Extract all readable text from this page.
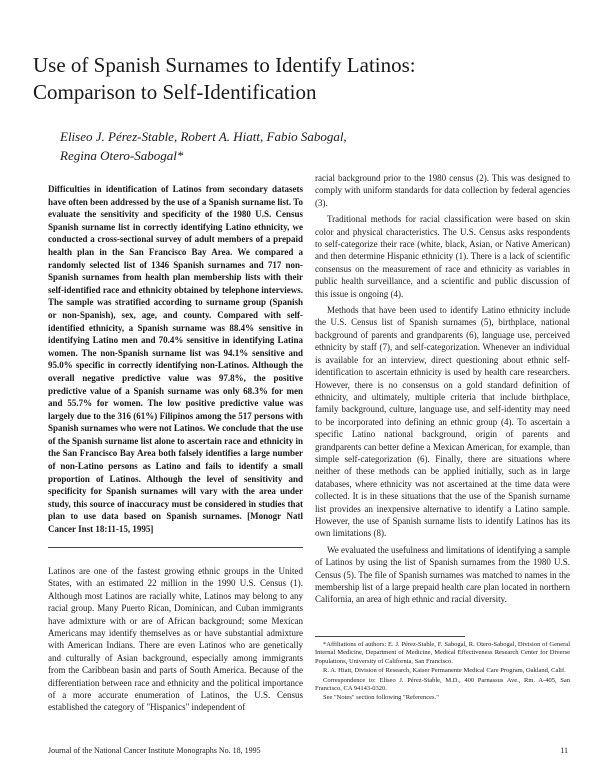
Use of Spanish Surnames to Identify Latinos:
Comparison to Self-Identification
Eliseo J. Pérez-Stable, Robert A. Hiatt, Fabio Sabogal,
Regina Otero-Sabogal*

Difficulties in identification of Latinos from secondary datasets have often been addressed by the use of a Spanish surname list. To evaluate the sensitivity and specificity of the 1980 U.S. Census Spanish surname list in correctly identifying Latino ethnicity, we conducted a cross-sectional survey of adult members of a prepaid health plan in the San Francisco Bay Area. We compared a randomly selected list of 1346 Spanish surnames and 717 non-Spanish surnames from health plan membership lists with their self-identified race and ethnicity obtained by telephone interviews. The sample was stratified according to surname group (Spanish or non-Spanish), sex, age, and county. Compared with self-identified ethnicity, a Spanish surname was 88.4% sensitive in identifying Latino men and 70.4% sensitive in identifying Latina women. The non-Spanish surname list was 94.1% sensitive and 95.0% specific in correctly identifying non-Latinos. Although the overall negative predictive value was 97.8%, the positive predictive value of a Spanish surname was only 68.3% for men and 55.7% for women. The low positive predictive value was largely due to the 316 (61%) Filipinos among the 517 persons with Spanish surnames who were not Latinos. We conclude that the use of the Spanish surname list alone to ascertain race and ethnicity in the San Francisco Bay Area both falsely identifies a large number of non-Latino persons as Latino and fails to identify a small proportion of Latinos. Although the level of sensitivity and specificity for Spanish surnames will vary with the area under study, this source of inaccuracy must be considered in studies that plan to use data based on Spanish surnames. [Monogr Natl Cancer Inst 18:11-15, 1995]

Latinos are one of the fastest growing ethnic groups in the United States, with an estimated 22 million in the 1990 U.S. Census (1). Although most Latinos are racially white, Latinos may belong to any racial group. Many Puerto Rican, Dominican, and Cuban immigrants have admixture with or are of African background; some Mexican Americans may identify themselves as or have substantial admixture with American Indians. There are even Latinos who are genetically and culturally of Asian background, especially among immigrants from the Caribbean basin and parts of South America. Because of the differentiation between race and ethnicity and the political importance of a more accurate enumeration of Latinos, the U.S. Census established the category of "Hispanics" independent of

racial background prior to the 1980 census (2). This was designed to comply with uniform standards for data collection by federal agencies (3).

Traditional methods for racial classification were based on skin color and physical characteristics. The U.S. Census asks respondents to self-categorize their race (white, black, Asian, or Native American) and then determine Hispanic ethnicity (1). There is a lack of scientific consensus on the measurement of race and ethnicity as variables in public health surveillance, and a scientific and public discussion of this issue is ongoing (4).

Methods that have been used to identify Latino ethnicity include the U.S. Census list of Spanish surnames (5), birthplace, national background of parents and grandparents (6), language use, perceived ethnicity by staff (7), and self-categorization. Whenever an individual is available for an interview, direct questioning about ethnic self-identification to ascertain ethnicity is used by health care researchers. However, there is no consensus on a gold standard definition of ethnicity, and ultimately, multiple criteria that include birthplace, family background, culture, language use, and self-identity may need to be incorporated into defining an ethnic group (4). To ascertain a specific Latino national background, origin of parents and grandparents can better define a Mexican American, for example, than simple self-categorization (6). Finally, there are situations where neither of these methods can be applied initially, such as in large databases, where ethnicity was not ascertained at the time data were collected. It is in these situations that the use of the Spanish surname list provides an inexpensive alternative to identify a Latino sample. However, the use of Spanish surname lists to identify Latinos has its own limitations (8).

We evaluated the usefulness and limitations of identifying a sample of Latinos by using the list of Spanish surnames from the 1980 U.S. Census (5). The file of Spanish surnames was matched to names in the membership list of a large prepaid health care plan located in northern California, an area of high ethnic and racial diversity.

*Affiliations of authors: E. J. Pérez-Stable, F. Sabogal, R. Otero-Sabogal, Division of General Internal Medicine, Department of Medicine, Medical Effectiveness Research Center for Diverse Populations, University of California, San Francisco.

R. A. Hiatt, Division of Research, Kaiser Permanente Medical Care Program, Oakland, Calif.

Correspondence to: Eliseo J. Pérez-Stable, M.D., 400 Parnassus Ave., Rm. A-405, San Francisco, CA 94143-0320.

See "Notes" section following "References."

Journal of the National Cancer Institute Monographs No. 18, 1995	11
